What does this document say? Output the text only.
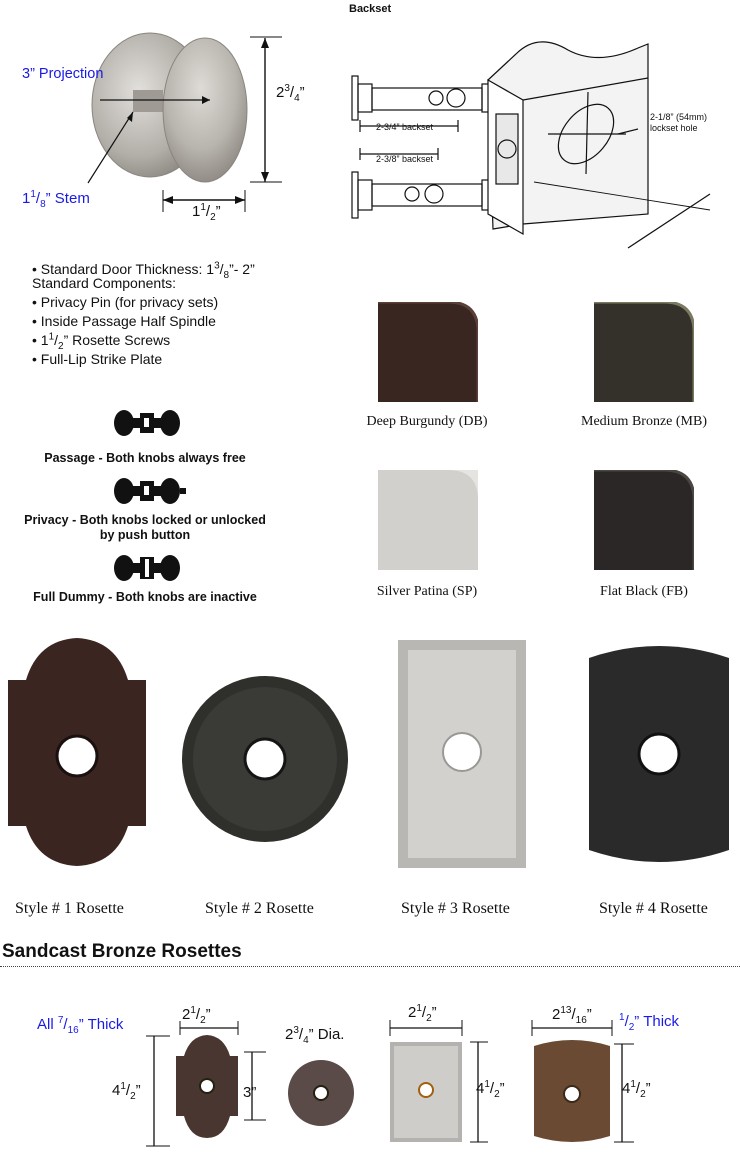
3” Projection
$2^3/_4$”
$1^1/_8$” Stem
$1^1/_2$”
Backset
2-3/4” backset
2-3/8” backset
2-1/8” (54mm)
lockset hole
• Standard Door Thickness: $1^3/_8”-$ 2”
Standard Components:
• Privacy Pin (for privacy sets)
• Inside Passage Half Spindle
• $1^1/_2$” Rosette Screws
• Full-Lip Strike Plate
Passage - Both knobs always free
Privacy - Both knobs locked or unlocked
by push button
Full Dummy - Both knobs are inactive
Deep Burgundy (DB)	Medium Bronze (MB)
Silver Patina (SP)	Flat Black (FB)
Style # 1 Rosette	Style # 2 Rosette	Style # 3 Rosette	Style # 4 Rosette
Sandcast Bronze Rosettes
All $^7/_{16}$” Thick
$2^1/_2$”
$4^1/_2$”	3”
$2^3/_4$” Dia.
$2^1/_2$”
$4^1/_2$”
$2^{13}/_{16}$”	$^1/_2$” Thick
$4^1/_2$”
